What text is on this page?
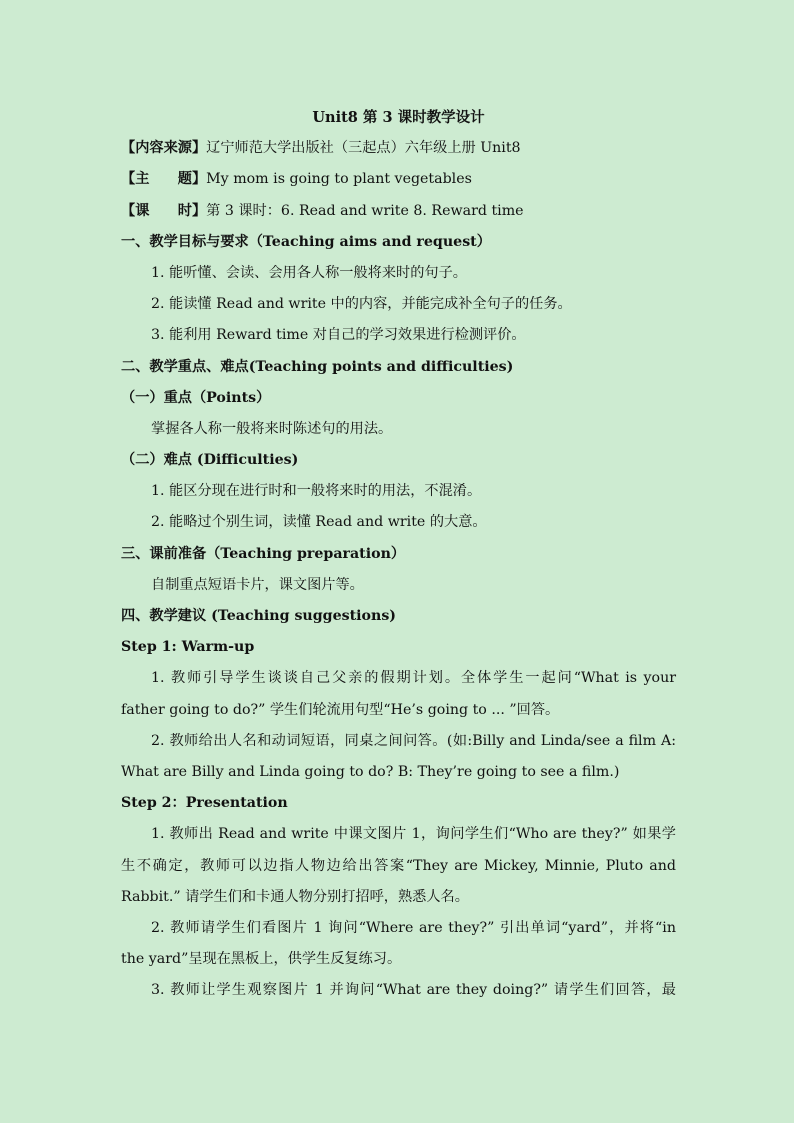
Unit8 第 3 课时教学设计
【内容来源】辽宁师范大学出版社（三起点）六年级上册 Unit8
【主　　题】My mom is going to plant vegetables
【课　　时】第 3 课时：6. Read and write 8. Reward time
一、教学目标与要求（Teaching aims and request）
1. 能听懂、会读、会用各人称一般将来时的句子。
2. 能读懂 Read and write 中的内容，并能完成补全句子的任务。
3. 能利用 Reward time 对自己的学习效果进行检测评价。
二、教学重点、难点(Teaching points and difficulties)
（一）重点（Points）
掌握各人称一般将来时陈述句的用法。
（二）难点 (Difficulties)
1. 能区分现在进行时和一般将来时的用法，不混淆。
2. 能略过个别生词，读懂 Read and write 的大意。
三、课前准备（Teaching preparation）
自制重点短语卡片，课文图片等。
四、教学建议 (Teaching suggestions)
Step 1: Warm-up
1. 教师引导学生谈谈自己父亲的假期计划。全体学生一起问“What is your
father going to do?” 学生们轮流用句型“He’s going to ... ”回答。
2. 教师给出人名和动词短语，同桌之间问答。(如:Billy and Linda/see a film A:
What are Billy and Linda going to do? B: They’re going to see a film.)
Step 2：Presentation
1. 教师出 Read and write 中课文图片 1，询问学生们“Who are they?” 如果学
生不确定，教师可以边指人物边给出答案“They are Mickey, Minnie, Pluto and
Rabbit.” 请学生们和卡通人物分别打招呼，熟悉人名。
2. 教师请学生们看图片 1 询问“Where are they?” 引出单词“yard”，并将“in
the yard”呈现在黑板上，供学生反复练习。
3. 教师让学生观察图片 1 并询问“What are they doing?” 请学生们回答，最
